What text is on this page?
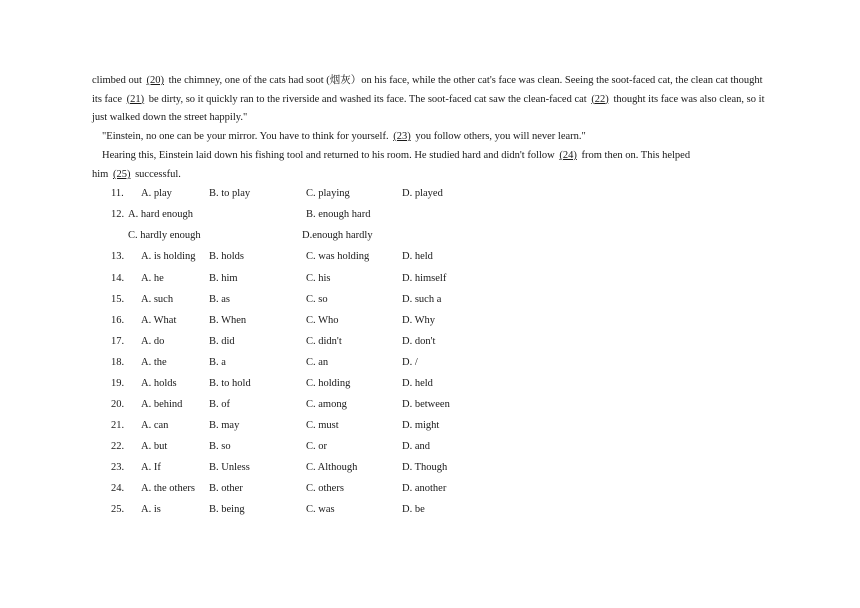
climbed out (20) the chimney, one of the cats had soot (烟灰）on his face, while the other cat's face was clean. Seeing the soot-faced cat, the clean cat thought its face (21) be dirty, so it quickly ran to the riverside and washed its face. The soot-faced cat saw the clean-faced cat (22) thought its face was also clean, so it just walked down the street happily."
"Einstein, no one can be your mirror. You have to think for yourself. (23) you follow others, you will never learn."
Hearing this, Einstein laid down his fishing tool and returned to his room. He studied hard and didn't follow (24) from then on. This helped
him (25) successful.
11. A. play	B. to play	C. playing	D. played
12. A. hard enough	B. enough hard
C. hardly enough	D.enough hardly
13. A. is holding B. holds	C. was holding	D. held
14. A. he	B. him	C. his	D. himself
15. A. such	B. as	C. so	D. such a
16. A. What	B. When	C. Who	D. Why
17. A. do	B. did	C. didn't	D. don't
18. A. the	B. a	C. an	D. /
19. A. holds	B. to hold	C. holding	D. held
20. A. behind	B. of	C. among	D. between
21. A. can	B. may	C. must	D. might
22. A. but	B. so	C. or	D. and
23. A. If	B. Unless	C. Although	D. Though
24. A. the others B. other	C. others	D. another
25. A. is	B. being	C. was	D. be
